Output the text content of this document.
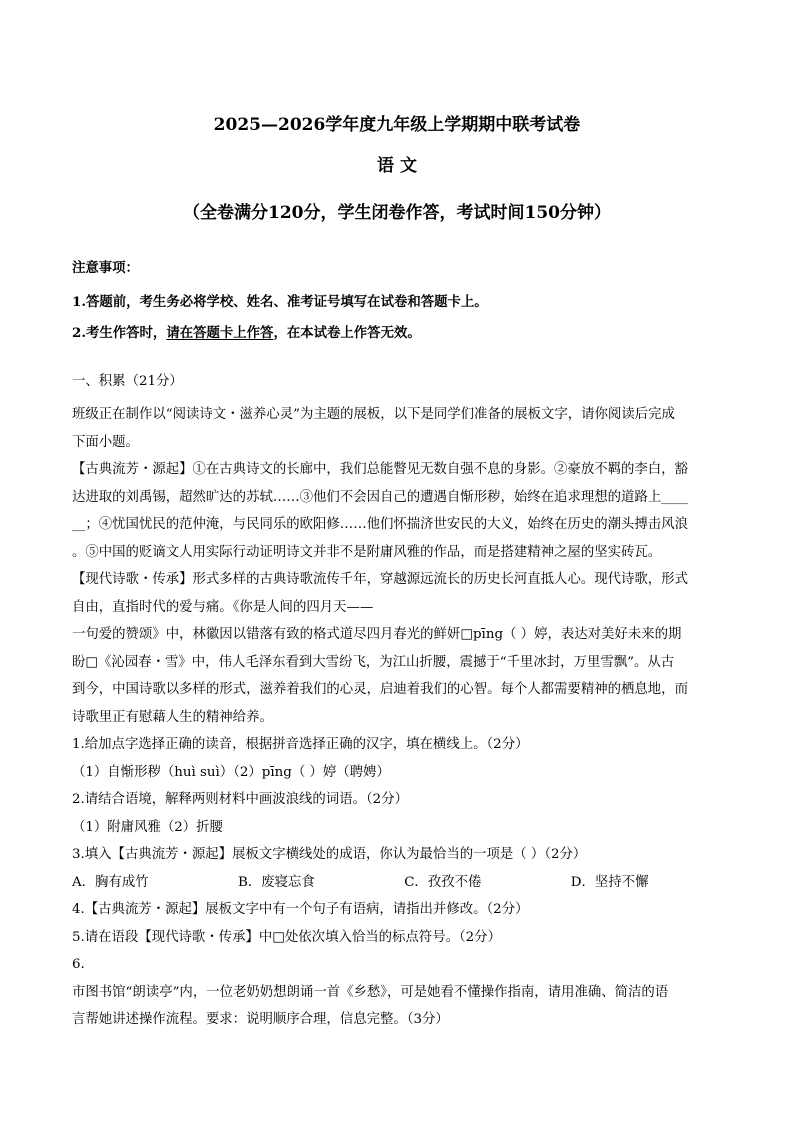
2025—2026学年度九年级上学期期中联考试卷
语 文
（全卷满分120分，学生闭卷作答，考试时间150分钟）
注意事项：
1.答题前，考生务必将学校、姓名、准考证号填写在试卷和答题卡上。
2.考生作答时，请在答题卡上作答，在本试卷上作答无效。
一、积累（21分）

班级正在制作以“阅读诗文・滋养心灵”为主题的展板，以下是同学们准备的展板文字，请你阅读后完成

下面小题。

【古典流芳・源起】①在古典诗文的长廊中，我们总能瞥见无数自强不息的身影。②豪放不羁的李白，豁

达进取的刘禹锡，超然旷达的苏轼……③他们不会因自己的遭遇自惭形秽，始终在追求理想的道路上____

__；④忧国忧民的范仲淹，与民同乐的欧阳修……他们怀揣济世安民的大义，始终在历史的潮头搏击风浪

。⑤中国的贬谪文人用实际行动证明诗文并非不是附庸风雅的作品，而是搭建精神之屋的坚实砖瓦。

【现代诗歌・传承】形式多样的古典诗歌流传千年，穿越源远流长的历史长河直抵人心。现代诗歌，形式

自由，直指时代的爱与痛。《你是人间的四月天——

一句爱的赞颂》中，林徽因以错落有致的格式道尽四月春光的鲜妍□pīng（ ）婷，表达对美好未来的期

盼□《沁园春・雪》中，伟人毛泽东看到大雪纷飞，为江山折腰，震撼于“千里冰封，万里雪飘”。从古

到今，中国诗歌以多样的形式，滋养着我们的心灵，启迪着我们的心智。每个人都需要精神的栖息地，而

诗歌里正有慰藉人生的精神给养。

1.给加点字选择正确的读音，根据拼音选择正确的汉字，填在横线上。（2分）

（1）自惭形秽（huì suì）（2）pīng（ ）婷（聘娉）

2.请结合语境，解释两则材料中画波浪线的词语。（2分）

（1）附庸风雅（2）折腰

3.填入【古典流芳・源起】展板文字横线处的成语，你认为最恰当的一项是（ ）（2分）

A．胸有成竹                     B．废寝忘食                     C．孜孜不倦                     D．坚持不懈

4.【古典流芳・源起】展板文字中有一个句子有语病，请指出并修改。（2分）

5.请在语段【现代诗歌・传承】中□处依次填入恰当的标点符号。（2分）

6.

市图书馆“朗读亭”内，一位老奶奶想朗诵一首《乡愁》，可是她看不懂操作指南，请用准确、简洁的语

言帮她讲述操作流程。要求：说明顺序合理，信息完整。（3分）
